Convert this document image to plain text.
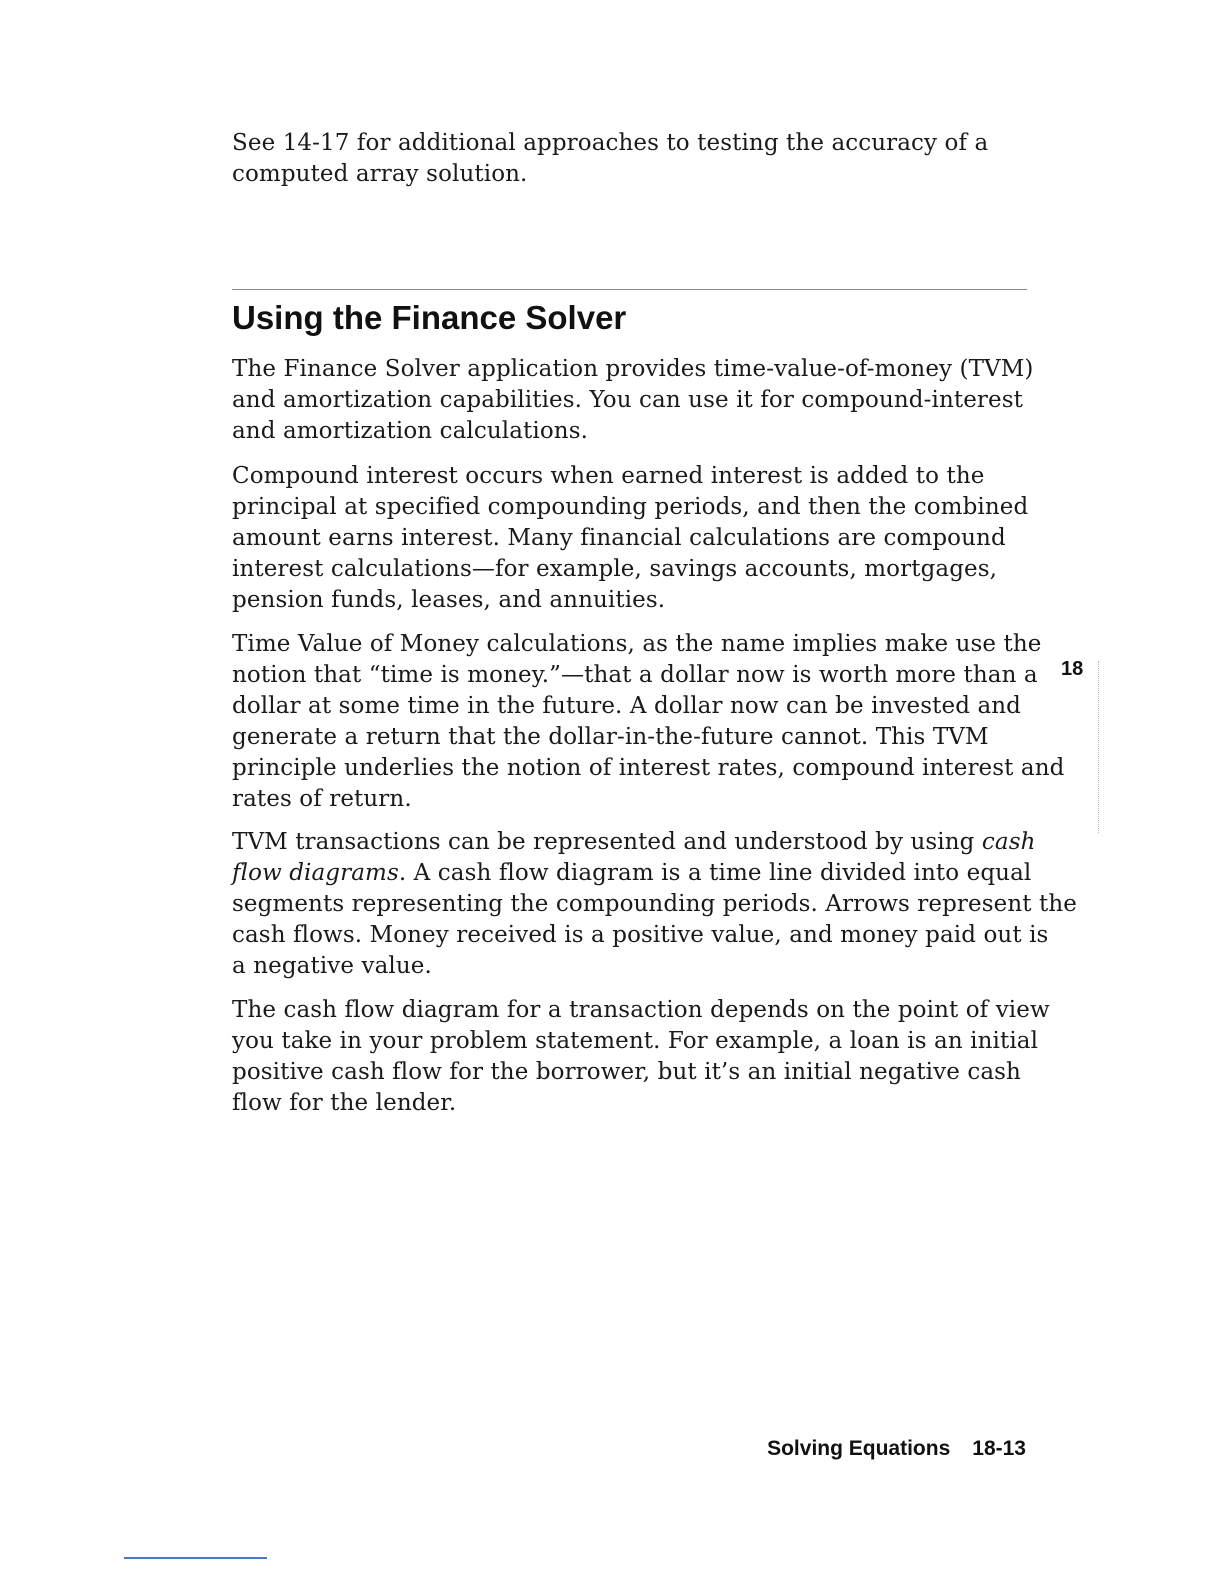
See 14-17 for additional approaches to testing the accuracy of a
computed array solution.

Using the Finance Solver

The Finance Solver application provides time-value-of-money (TVM)
and amortization capabilities. You can use it for compound-interest
and amortization calculations.

Compound interest occurs when earned interest is added to the
principal at specified compounding periods, and then the combined
amount earns interest. Many financial calculations are compound
interest calculations—for example, savings accounts, mortgages,
pension funds, leases, and annuities.

Time Value of Money calculations, as the name implies make use the
notion that “time is money.”—that a dollar now is worth more than a
dollar at some time in the future. A dollar now can be invested and
generate a return that the dollar-in-the-future cannot. This TVM
principle underlies the notion of interest rates, compound interest and
rates of return.

TVM transactions can be represented and understood by using cash
flow diagrams. A cash flow diagram is a time line divided into equal
segments representing the compounding periods. Arrows represent the
cash flows. Money received is a positive value, and money paid out is
a negative value.

The cash flow diagram for a transaction depends on the point of view
you take in your problem statement. For example, a loan is an initial
positive cash flow for the borrower, but it’s an initial negative cash
flow for the lender.

18
Solving Equations 18-13
